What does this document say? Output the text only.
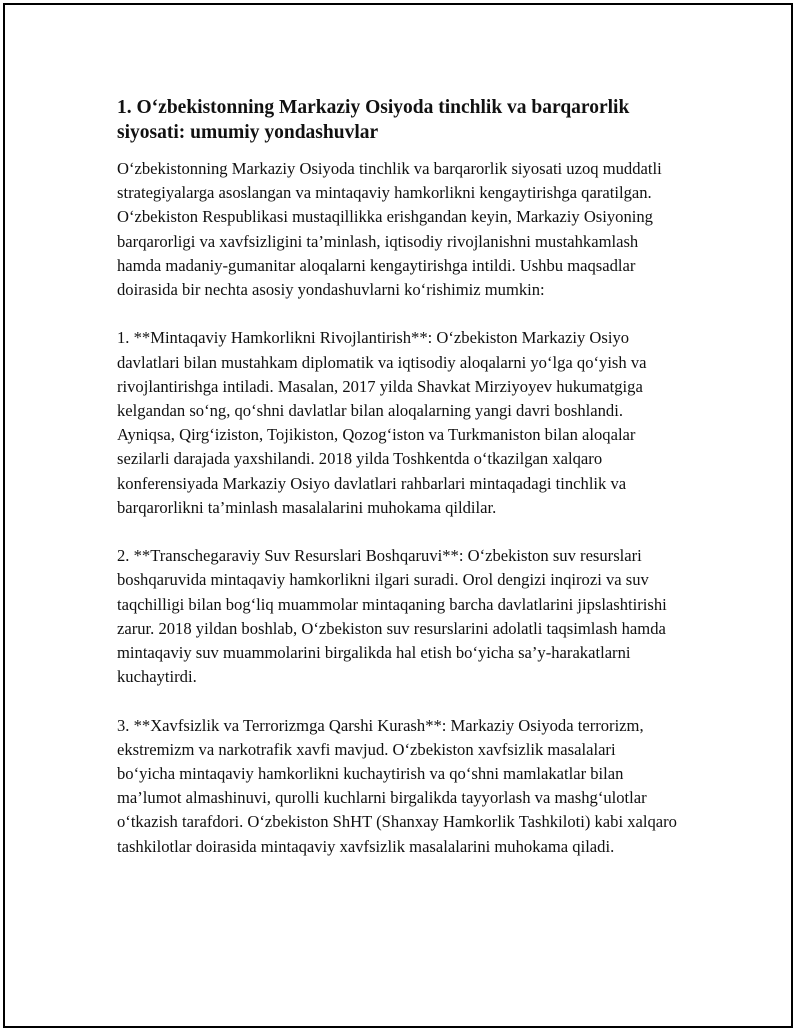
1. O‘zbekistonning Markaziy Osiyoda tinchlik va barqarorlik siyosati: umumiy yondashuvlar

O‘zbekistonning Markaziy Osiyoda tinchlik va barqarorlik siyosati uzoq muddatli strategiyalarga asoslangan va mintaqaviy hamkorlikni kengaytirishga qaratilgan. O‘zbekiston Respublikasi mustaqillikka erishgandan keyin, Markaziy Osiyoning barqarorligi va xavfsizligini ta’minlash, iqtisodiy rivojlanishni mustahkamlash hamda madaniy-gumanitar aloqalarni kengaytirishga intildi. Ushbu maqsadlar doirasida bir nechta asosiy yondashuvlarni ko‘rishimiz mumkin:

1. **Mintaqaviy Hamkorlikni Rivojlantirish**: O‘zbekiston Markaziy Osiyo davlatlari bilan mustahkam diplomatik va iqtisodiy aloqalarni yo‘lga qo‘yish va rivojlantirishga intiladi. Masalan, 2017 yilda Shavkat Mirziyoyev hukumatgiga kelgandan so‘ng, qo‘shni davlatlar bilan aloqalarning yangi davri boshlandi. Ayniqsa, Qirg‘iziston, Tojikiston, Qozog‘iston va Turkmaniston bilan aloqalar sezilarli darajada yaxshilandi. 2018 yilda Toshkentda o‘tkazilgan xalqaro konferensiyada Markaziy Osiyo davlatlari rahbarlari mintaqadagi tinchlik va barqarorlikni ta’minlash masalalarini muhokama qildilar.

2. **Transchegaraviy Suv Resurslari Boshqaruvi**: O‘zbekiston suv resurslari boshqaruvida mintaqaviy hamkorlikni ilgari suradi. Orol dengizi inqirozi va suv taqchilligi bilan bog‘liq muammolar mintaqaning barcha davlatlarini jipslashtirishi zarur. 2018 yildan boshlab, O‘zbekiston suv resurslarini adolatli taqsimlash hamda mintaqaviy suv muammolarini birgalikda hal etish bo‘yicha sa’y-harakatlarni kuchaytirdi.

3. **Xavfsizlik va Terrorizmga Qarshi Kurash**: Markaziy Osiyoda terrorizm, ekstremizm va narkotrafik xavfi mavjud. O‘zbekiston xavfsizlik masalalari bo‘yicha mintaqaviy hamkorlikni kuchaytirish va qo‘shni mamlakatlar bilan ma’lumot almashinuvi, qurolli kuchlarni birgalikda tayyorlash va mashg‘ulotlar o‘tkazish tarafdori. O‘zbekiston ShHT (Shanxay Hamkorlik Tashkiloti) kabi xalqaro tashkilotlar doirasida mintaqaviy xavfsizlik masalalarini muhokama qiladi.
